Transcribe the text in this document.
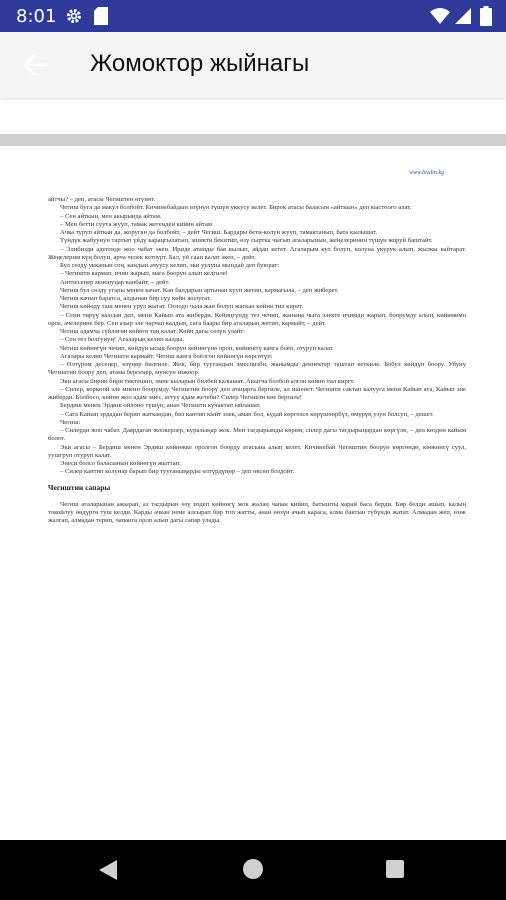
8:01
Жомоктор жыйнагы
www.bizdin.kg

айтчы? – деп, атасы Чегиштен өтүнөт.

Чегиш буга да макул болбойт. Кичинебайдын өзүнүн түшүн уккусу келет. Бирок атасы баласын «айткын» деп кыстоого алат.

– Сен айткын, мен акырында айтам.

– Мен бетти суута жууп, тамак жегенден кийин айтам

Ачка туруп айткан да, жоруган да болбойт, – дейт Чегиш. Бардары бети-колун жууп, тамактанып, бата кылышат.

Түндүк жабуунун тартып үйдү караңгылатып, эшикти бекитип, өзү сыртка чыгып агаларынын, жеңелеринин түшүн жоруй баштайт.

– Элибизди адегенде жоо чабат экен. Ириде атамды бая кылып, айдап кетет. Агаларым кул болуп, колуна укурук алып, жылкы кайтарат. Жеңелерим күң болуп, арча челек котоурт. Бал, уй саап калат экен, – дейт.

Бул сөздү укканын соң, кандын ачуусу келип, эки уулуна мындай деп буюрат:

– Чегишти кармап, ичин жарып, мага боорун алып келгиле!

Антпесеңер моюнуңар канбайт, – дейт.

Чегиш бул сөздү угары менен качат. Кан балдарын артынан кууп жетип, кармагыла, – деп жиберет.

Чегиш качып баратса, алдынан бир суу көйн жолугат.

Чегиш көйөдү таш менен урул жыгат. Оозодо чала жан болуп жаткан көйнө тил кирет.

– Сени тирүү калсын деп, мени Кайып ата жиберди. Кейиңгүндү тез чечип, жаныңа чыга электе ичимди жарып, боорумду алып, кийимимо орое, ачелерине бер. Сен азыр эле чарчап калдың, сага баары бир агаларың жетип, кармайт, – дейт.

Чегиш адамча сүйлөгөн көйөгө таң калат. Көйн дагы сөзүн улайт:

– Сен тез болгунуң! Агаларың келип калды.

Чегиш көйнөгүн чечип, көйдүн ысык боорун кейнөгүнө ороп, көйнөктү канга боёп, отуруп калат.

Агалары келип Чегишти кармайт. Чегиш канга боёлгон көйнөгүн көрсөтүп:

– Өлтүрөм десеңер, өзүңөр билгиле. Жок, бир туугандын эмеспизбн, жанымды деннектер таштап кеткиле. Бобул көйдүн боору. Убуну Чегиштин боору деп, атама берсеңер, мунсун изжоор.

Эки агасы бирин бири тиктешип, эмне кыларын билбей калышат. Акыгча болбой алгон көйнө тил киргт.

– Силер, коркпой эле мнеин боорумду Чегиштин боору деп атаңарга бергиле, ал ишенет. Чегишти сактап калууга мени Кайып ата, Кайып эне жиберди. Болбосо, көйнө жоо адам эмес, аттуу адам жетеби? Силер Чегишти көе бергиле!

Бердиш менен Эрдиш ойлоно түшүп, анан Чегишти кучактап ыйлашат.

– Сага Кайып эрдадан берип жаткандан, биз кантип кыйт элек, аман бол, кудай көргөзсө көрүшөөрбүз, өмүрүң узун болсун, – дешет.

Чегиш:

– Силерди жоо чабат. Даярдаган жоокерлер, куралыңар жок. Мен тагдырымды көрөм, силер дагы тагдырыңардан көргүлө, – деп көздөн кайым болот.

Эки агасы – Бердиш менен Эрдиш көйнөкке оролгон боорду атасына алып келет. Кичинебай Чегиштин боорун көргөндө, көөкөнсү суул, уушгруп отуруп калат.

Энеси болсо баласынын көйнөгүн жыттап:

– Силер кантип колунар барып бир тууганыңарды өлтүрдүңөр – деп өксөп боздойт.

Чегиштин сапары

Чегиш агаларынан ажырап, аз тагдырын өзү издеп көйнөгү жок жалаң чапан кийип, батышты карай баса берди. Бир белдн ашып, калың токойлуу өөдүргө туш келди. Карды ачкан неме алсырап бир топ жатты, анан өөзүн ачып караса, алма бактын түбүндө жатат. Алмадан жеп, өзөк жалгап, алмадан терип, чапанга ороп алып дагы сапар улады.
